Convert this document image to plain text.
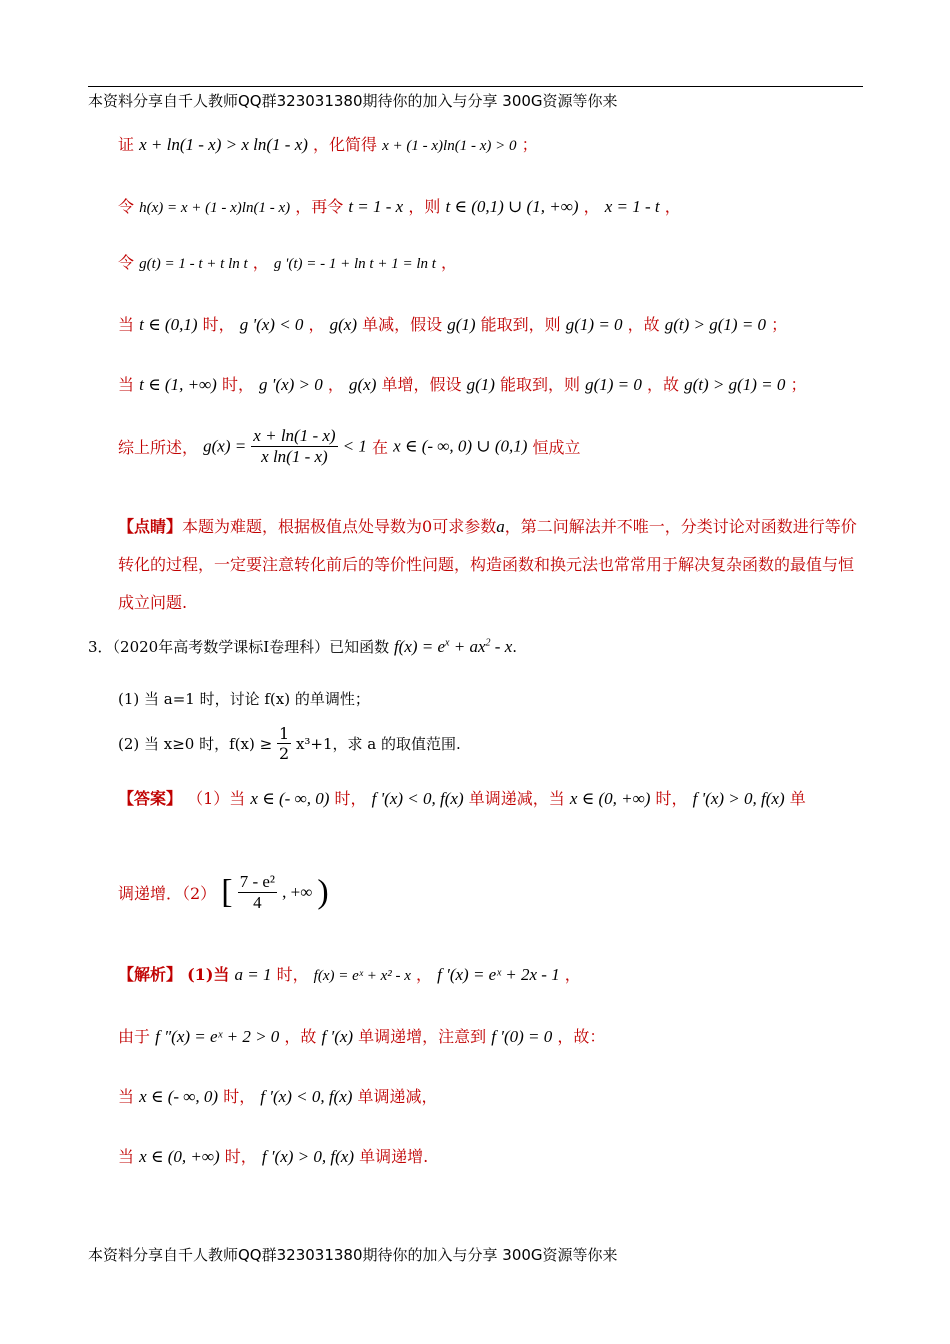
本资料分享自千人教师QQ群323031380期待你的加入与分享 300G资源等你来
证 x + ln(1 - x) > x ln(1 - x) ，化简得 x + (1 - x)ln(1 - x) > 0 ；
令 h(x) = x + (1 - x)ln(1 - x) ，再令 t = 1 - x ，则 t ∈ (0,1) ∪ (1, +∞) ， x = 1 - t ，
令 g(t) = 1 - t + t ln t ， g '(t) = - 1 + ln t + 1 = ln t ，
当 t ∈ (0,1) 时， g '(x) < 0 ， g(x) 单减，假设 g(1) 能取到，则 g(1) = 0 ，故 g(t) > g(1) = 0 ；
当 t ∈ (1, +∞) 时， g '(x) > 0 ， g(x) 单增，假设 g(1) 能取到，则 g(1) = 0 ，故 g(t) > g(1) = 0 ；
综上所述， $g(x) = \frac{x + \ln(1 - x)}{\text{x ln(1 - x)}} < 1$ 在 x ∈ (- ∞, 0) ∪ (0,1) 恒成立
【点睛】本题为难题，根据极值点处导数为0可求参数a，第二问解法并不唯一，分类讨论对函数进行等价转化的过程，一定要注意转化前后的等价性问题，构造函数和换元法也常常用于解决复杂函数的最值与恒成立问题.
3．（2020年高考数学课标Ⅰ卷理科）已知函数 $f(x) = e^x + ax^2 - x$.
(1) 当 a=1 时，讨论 f(x) 的单调性；
(2) 当 x≥0 时，$f(x) \ge \frac{1}{2} x^3+1$，求 a 的取值范围.
【答案】 （1）当 x ∈ (- ∞, 0) 时， f '(x) < 0, f(x) 单调递减，当 x ∈ (0, +∞) 时， f '(x) > 0, f(x) 单
调递增．（2） [ $\frac{\text{7 - e²}}{4}$ , +∞ )
【解析】 (1)当 a = 1 时， f(x) = eˣ + x² - x ， f ′(x) = eˣ + 2x - 1 ，
由于 f ″(x) = eˣ + 2 > 0 ，故 f ′(x) 单调递增，注意到 f ′(0) = 0 ，故：
当 x ∈ (- ∞, 0) 时， f ′(x) < 0, f(x) 单调递减，
当 x ∈ (0, +∞) 时， f ′(x) > 0, f(x) 单调递增.
本资料分享自千人教师QQ群323031380期待你的加入与分享 300G资源等你来
